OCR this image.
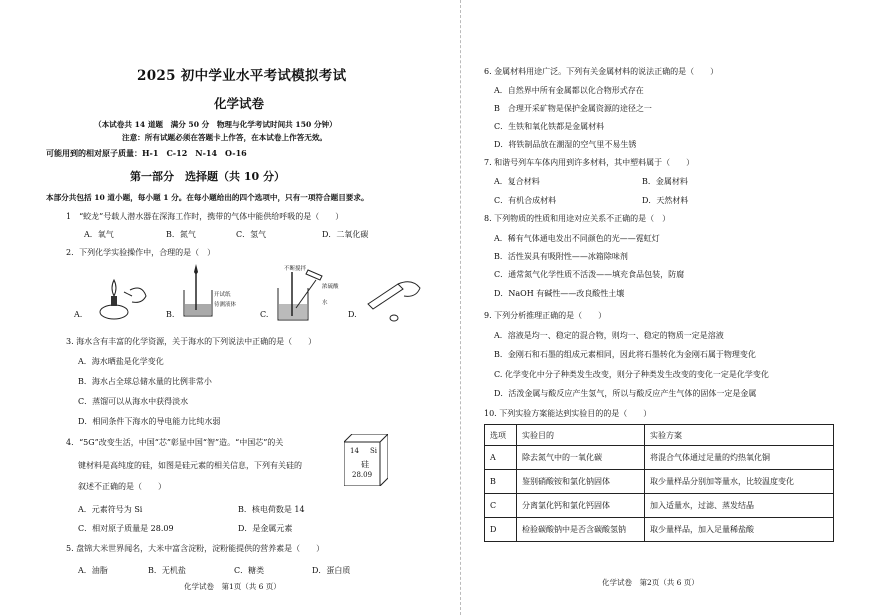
2025 初中学业水平考试模拟考试
化学试卷
（本试卷共 14 道题　满分 50 分　物理与化学考试时间共 150 分钟）
注意：所有试题必须在答题卡上作答，在本试卷上作答无效。
可能用到的相对原子质量：H-1　C-12　N-14　O-16
第一部分　选择题（共 10 分）
本部分共包括 10 道小题，每小题 1 分。在每小题给出的四个选项中，只有一项符合题目要求。
1　“蛟龙”号载人潜水器在深海工作时，携带的气体中能供给呼吸的是（　　）
A．氧气	B．氮气	C．氢气	D．二氧化碳
2．下列化学实验操作中，合理的是（　）
A.	B.
开试纸
待测液体
C.
不断搅拌
浓硫酸
水
D.
3. 海水含有丰富的化学资源，关于海水的下列说法中正确的是（　　）
A．海水晒盐是化学变化
B．海水占全球总储水量的比例非常小
C．蒸馏可以从海水中获得淡水
D．相同条件下海水的导电能力比纯水弱
4．“5G”改变生活，中国“芯”彰显中国“智”造。“中国芯”的关
键材料是高纯度的硅，如图是硅元素的相关信息，下列有关硅的
叙述不正确的是（　　）
14 Si
硅
28.09
A．元素符号为 Si	B．核电荷数是 14
C．相对原子质量是 28.09	D．是金属元素
5. 盘锦大米世界闻名，大米中富含淀粉，淀粉能提供的营养素是（　　）
A．油脂	B．无机盐	C．糖类	D．蛋白质
化学试卷　第1页（共 6 页）
6. 金属材料用途广泛。下列有关金属材料的说法正确的是（　　）
A．自然界中所有金属都以化合物形式存在
B　合理开采矿物是保护金属资源的途径之一
C．生铁和氧化铁都是金属材料
D．将铁制品放在潮湿的空气里不易生锈
7. 和谐号列车车体内用到许多材料，其中塑料属于（　　）
A．复合材料	B．金属材料
C．有机合成材料	D．天然材料
8. 下列物质的性质和用途对应关系不正确的是（　）
A．稀有气体通电发出不同颜色的光——霓虹灯
B．活性炭具有吸附性——冰箱除味剂
C．通常氮气化学性质不活泼——填充食品包装，防腐
D．NaOH 有碱性——改良酸性土壤
9. 下列分析推理正确的是（　　）
A．溶液是均一、稳定的混合物，则均一、稳定的物质一定是溶液
B．金刚石和石墨的组成元素相同，因此将石墨转化为金刚石属于物理变化
C. 化学变化中分子种类发生改变，则分子种类发生改变的变化一定是化学变化
D．活泼金属与酸反应产生氢气，所以与酸反应产生气体的固体一定是金属
10. 下列实验方案能达到实验目的的是（　　）
选项	实验目的	实验方案
A	除去氮气中的一氧化碳	将混合气体通过足量的灼热氧化铜
B	鉴别硝酸铵和氯化钠固体	取少量样品分别加等量水，比较温度变化
C	分离氯化钙和氯化钙固体	加入适量水，过滤、蒸发结晶
D	检验碳酸钠中是否含碳酸氢钠	取少量样品，加入足量稀盐酸
化学试卷　第2页（共 6 页）
